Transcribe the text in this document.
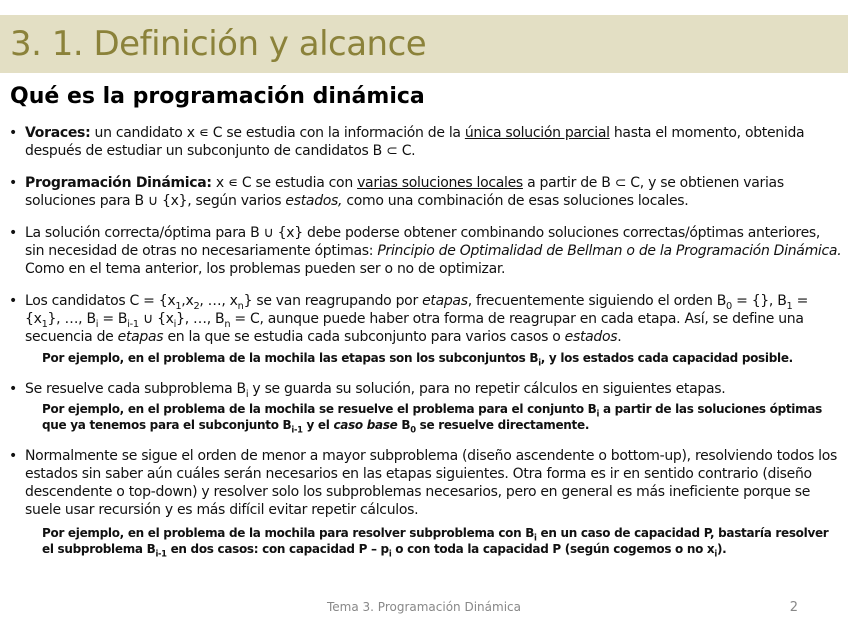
3. 1. Definición y alcance
Qué es la programación dinámica
• Voraces: un candidato x ∊ C se estudia con la información de la única solución parcial hasta el momento, obtenida después de estudiar un subconjunto de candidatos B ⊂ C.
• Programación Dinámica: x ∊ C se estudia con varias soluciones locales a partir de B ⊂ C, y se obtienen varias soluciones para B ∪ {x}, según varios estados, como una combinación de esas soluciones locales.
• La solución correcta/óptima para B ∪ {x} debe poderse obtener combinando soluciones correctas/óptimas anteriores, sin necesidad de otras no necesariamente óptimas: Principio de Optimalidad de Bellman o de la Programación Dinámica. Como en el tema anterior, los problemas pueden ser o no de optimizar.
• Los candidatos $C = \{x_1,x_2$, …, $x_n$} se van reagrupando por etapas, frecuentemente siguiendo el orden $B_0$ = {}, $B_1 = \{x_1\}$, …, $B_i = B_{i-1}$ ∪ $\{x_i\}$, …, $B_n = C$, aunque puede haber otra forma de reagrupar en cada etapa. Así, se define una secuencia de etapas en la que se estudia cada subconjunto para varios casos o estados.
Por ejemplo, en el problema de la mochila las etapas son los subconjuntos $B_i$, y los estados cada capacidad posible.
• Se resuelve cada subproblema $B_i$ y se guarda su solución, para no repetir cálculos en siguientes etapas.
Por ejemplo, en el problema de la mochila se resuelve el problema para el conjunto $B_i$ a partir de las soluciones óptimas que ya tenemos para el subconjunto $B_{i-1}$ y el caso base $B_0$ se resuelve directamente.
• Normalmente se sigue el orden de menor a mayor subproblema (diseño ascendente o bottom-up), resolviendo todos los estados sin saber aún cuáles serán necesarios en las etapas siguientes. Otra forma es ir en sentido contrario (diseño descendente o top-down) y resolver solo los subproblemas necesarios, pero en general es más ineficiente porque se suele usar recursión y es más difícil evitar repetir cálculos.
Por ejemplo, en el problema de la mochila para resolver subproblema con $B_i$ en un caso de capacidad P, bastaría resolver el subproblema $B_{i-1}$ en dos casos: con capacidad P – $p_i$ o con toda la capacidad P (según cogemos o no $x_i$).
Tema 3. Programación Dinámica	2
